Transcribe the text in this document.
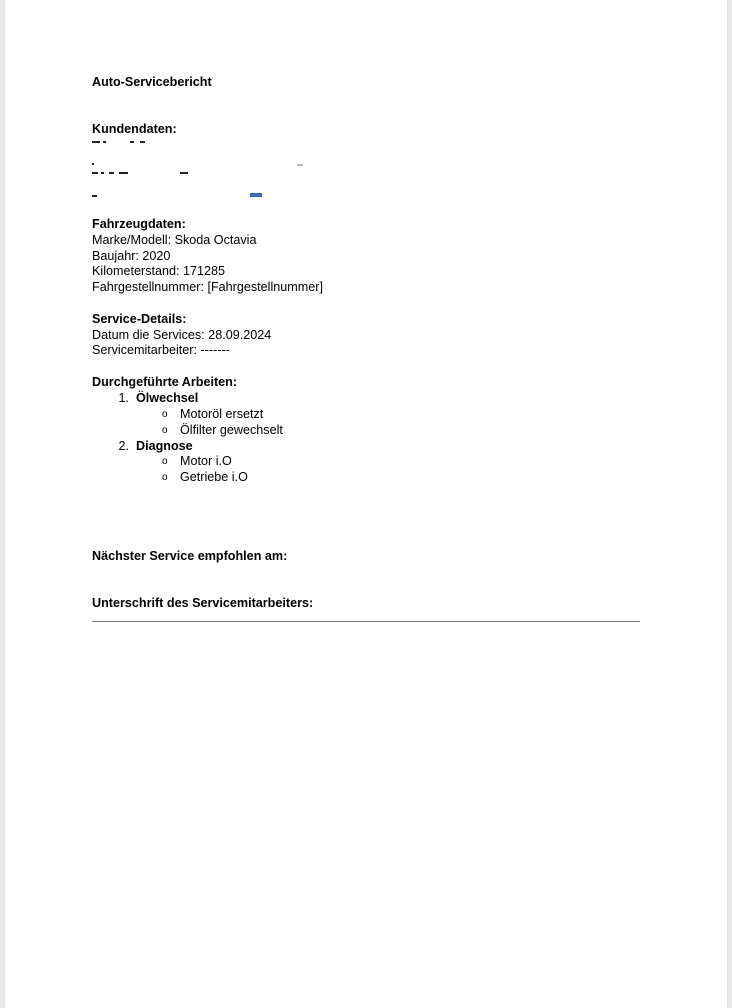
Auto-Servicebericht
Kundendaten:
Fahrzeugdaten:
Marke/Modell: Skoda Octavia
Baujahr: 2020
Kilometerstand: 171285
Fahrgestellnummer: [Fahrgestellnummer]
Service-Details:
Datum die Services: 28.09.2024
Servicemitarbeiter: -------
Durchgeführte Arbeiten:
1. Ölwechsel
o Motoröl ersetzt
o Ölfilter gewechselt
2. Diagnose
o Motor i.O
o Getriebe i.O
Nächster Service empfohlen am:
Unterschrift des Servicemitarbeiters:
